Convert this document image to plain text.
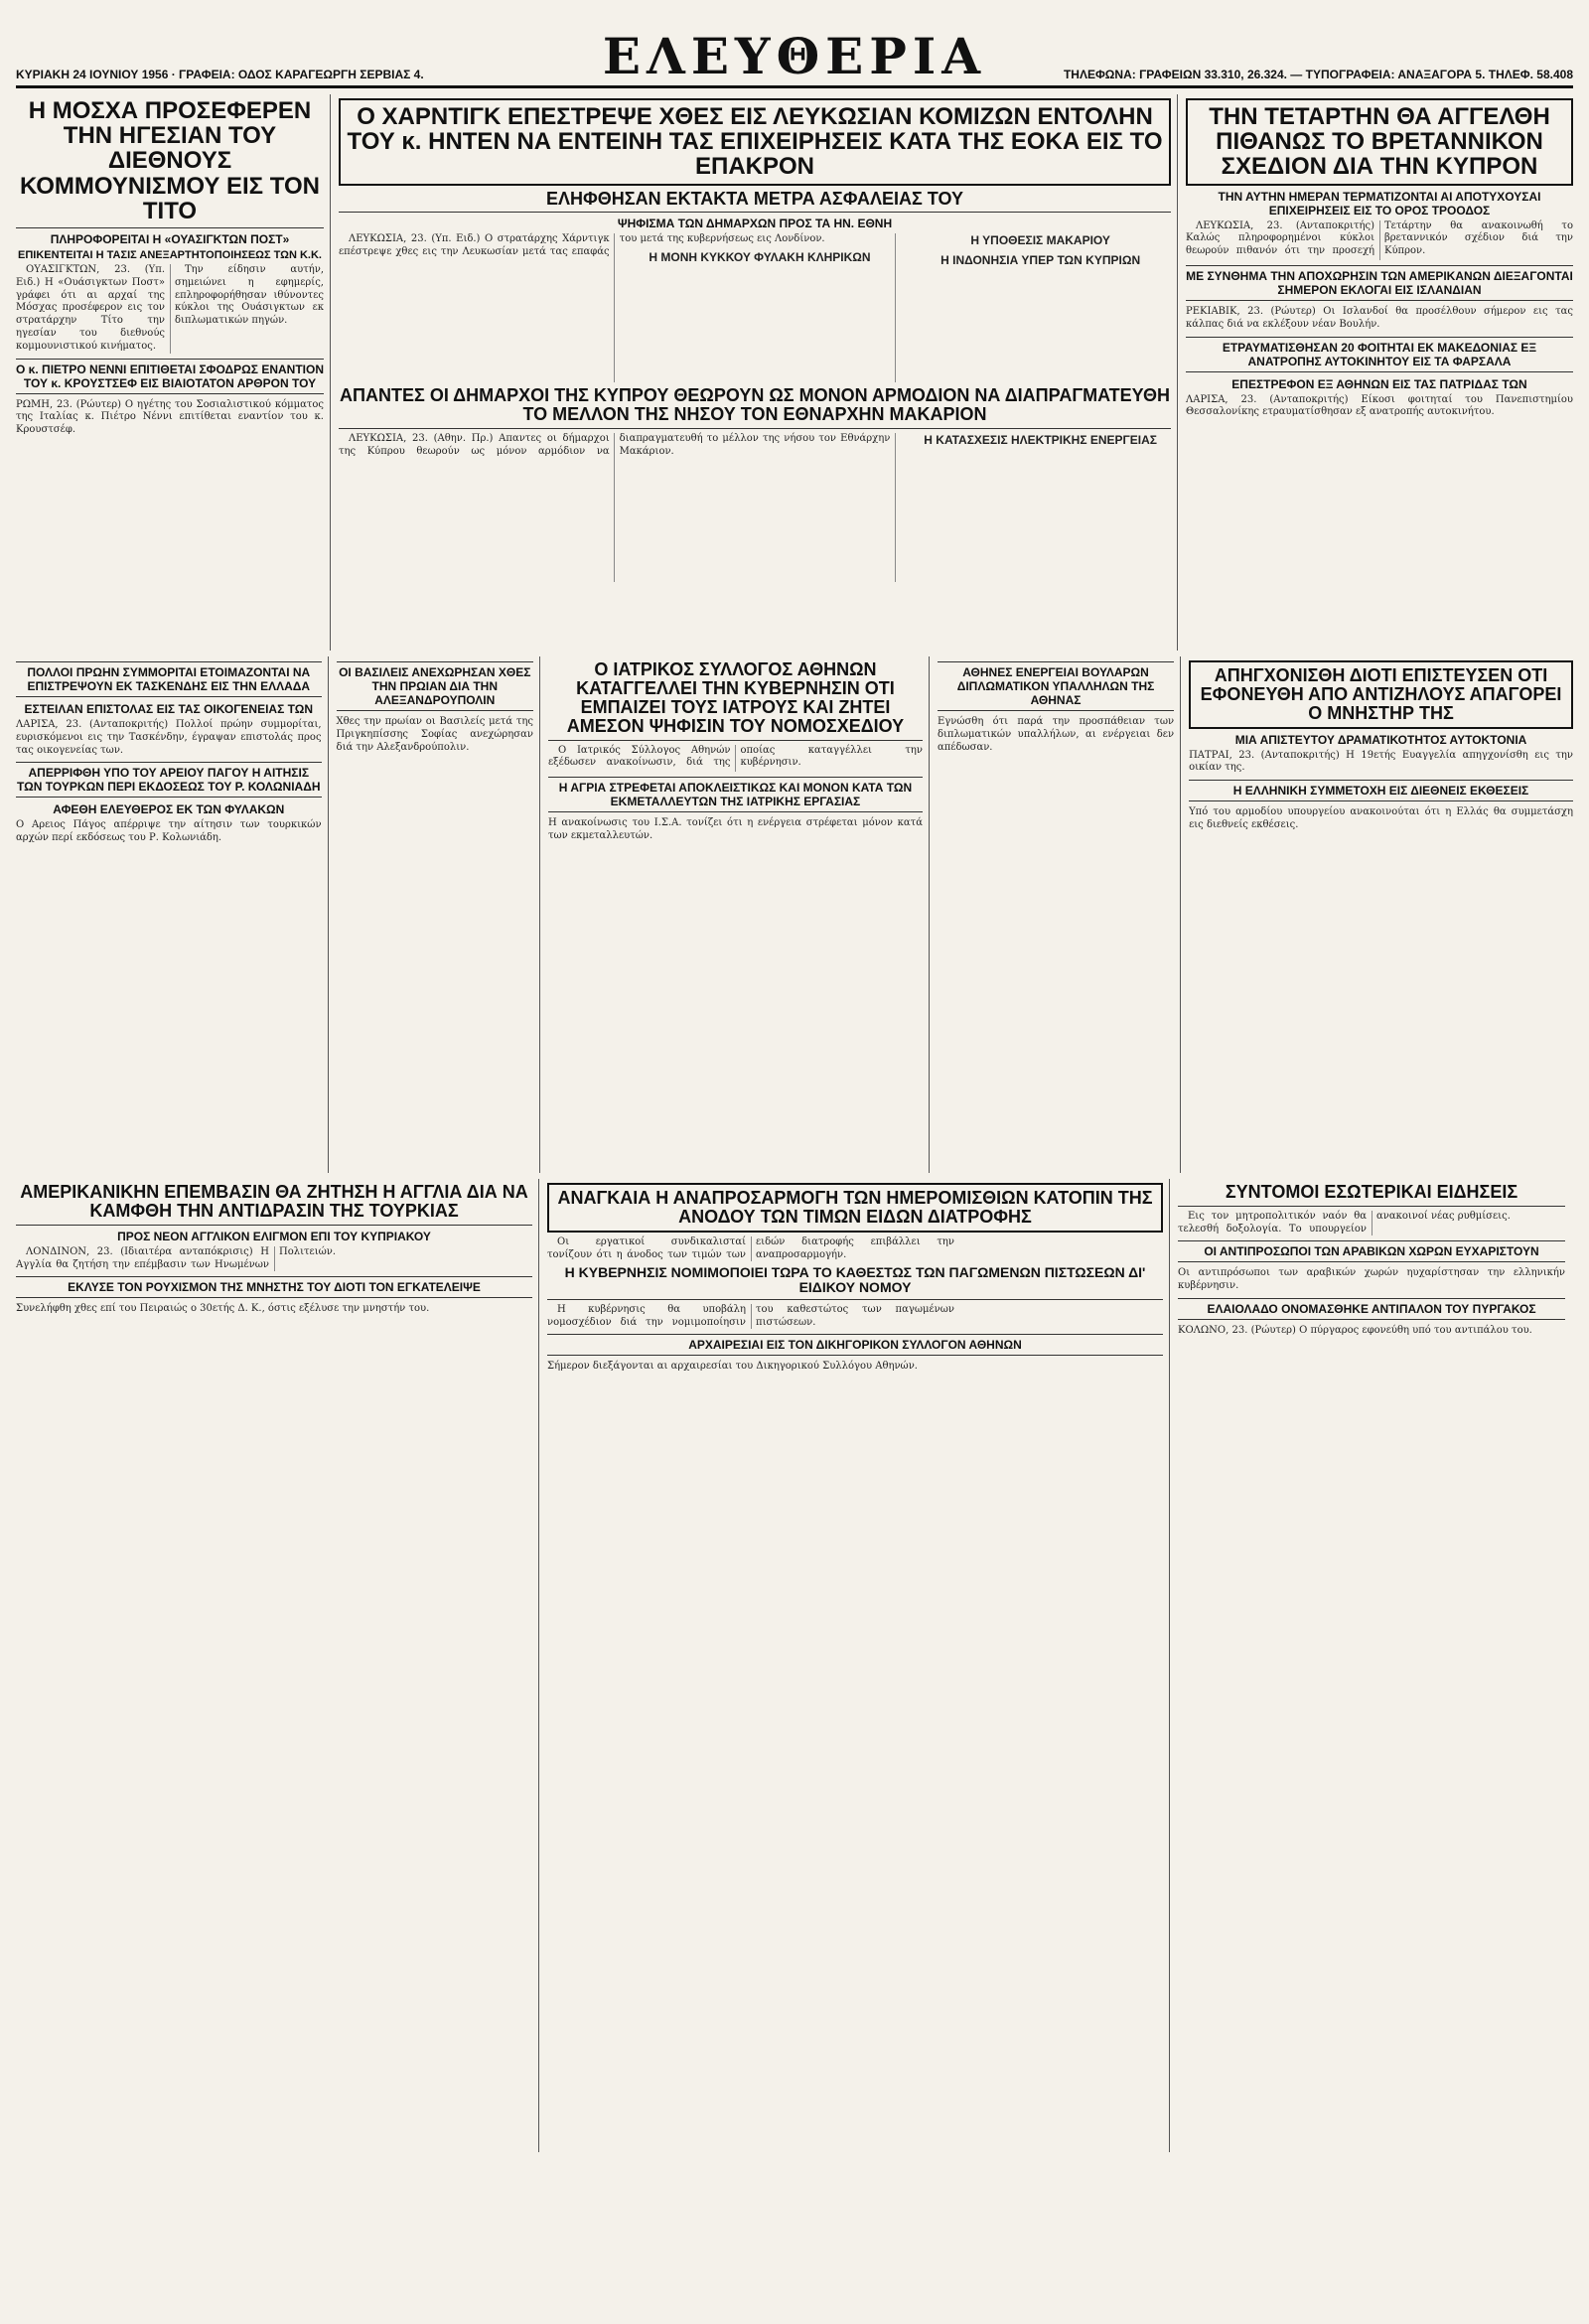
ΚΥΡΙΑΚΗ 24 ΙΟΥΝΙΟΥ 1956 · ΓΡΑΦΕΙΑ: ΟΔΟΣ ΚΑΡΑΓΕΩΡΓΗ ΣΕΡΒΙΑΣ 4.	ΕΛΕΥΘΕΡΙΑ	ΤΗΛΕΦΩΝΑ: ΓΡΑΦΕΙΩΝ 33.310, 26.324. — ΤΥΠΟΓΡΑΦΕΙΑ: ΑΝΑΞΑΓΟΡΑ 5. ΤΗΛΕΦ. 58.408
Η ΜΟΣΧΑ ΠΡΟΣΕΦΕΡΕΝ ΤΗΝ ΗΓΕΣΙΑΝ ΤΟΥ ΔΙΕΘΝΟΥΣ ΚΟΜΜΟΥΝΙΣΜΟΥ ΕΙΣ ΤΟΝ ΤΙΤΟ
ΠΛΗΡΟΦΟΡΕΙΤΑΙ Η «ΟΥΑΣΙΓΚΤΩΝ ΠΟΣΤ»
ΕΠΙΚΕΝΤΕΙΤΑΙ Η ΤΑΣΙΣ ΑΝΕΞΑΡΤΗΤΟΠΟΙΗΣΕΩΣ ΤΩΝ Κ.Κ.

ΟΥΑΣΙΓΚΤΩΝ, 23. (Υπ. Ειδ.) Η «Ουάσιγκτων Ποστ» γράφει ότι αι αρχαί της Μόσχας προσέφερον εις τον στρατάρχην Τίτο την ηγεσίαν του διεθνούς κομμουνιστικού κινήματος.

Την είδησιν αυτήν, σημειώνει η εφημερίς, επληροφορήθησαν ιθύνοντες κύκλοι της Ουάσιγκτων εκ διπλωματικών πηγών.

Ο κ. ΠΙΕΤΡΟ ΝΕΝΝΙ ΕΠΙΤΙΘΕΤΑΙ ΣΦΟΔΡΩΣ ΕΝΑΝΤΙΟΝ ΤΟΥ κ. ΚΡΟΥΣΤΣΕΦ ΕΙΣ ΒΙΑΙΟΤΑΤΟΝ ΑΡΘΡΟΝ ΤΟΥ
ΡΩΜΗ, 23. (Ρώυτερ) Ο ηγέτης του Σοσιαλιστικού κόμματος της Ιταλίας κ. Πιέτρο Νέννι επιτίθεται εναντίον του κ. Κρουστσέφ.
Ο ΧΑΡΝΤΙΓΚ ΕΠΕΣΤΡΕΨΕ ΧΘΕΣ ΕΙΣ ΛΕΥΚΩΣΙΑΝ ΚΟΜΙΖΩΝ ΕΝΤΟΛΗΝ ΤΟΥ κ. ΗΝΤΕΝ ΝΑ ΕΝΤΕΙΝΗ ΤΑΣ ΕΠΙΧΕΙΡΗΣΕΙΣ ΚΑΤΑ ΤΗΣ ΕΟΚΑ ΕΙΣ ΤΟ ΕΠΑΚΡΟΝ
ΕΛΗΦΘΗΣΑΝ ΕΚΤΑΚΤΑ ΜΕΤΡΑ ΑΣΦΑΛΕΙΑΣ ΤΟΥ
ΨΗΦΙΣΜΑ ΤΩΝ ΔΗΜΑΡΧΩΝ ΠΡΟΣ ΤΑ ΗΝ. ΕΘΝΗ

ΛΕΥΚΩΣΙΑ, 23. (Υπ. Ειδ.) Ο στρατάρχης Χάρντιγκ επέστρεψε χθες εις την Λευκωσίαν μετά τας επαφάς του μετά της κυβερνήσεως εις Λονδίνον.

Η ΜΟΝΗ ΚΥΚΚΟΥ ΦΥΛΑΚΗ ΚΛΗΡΙΚΩΝ

Η ΥΠΟΘΕΣΙΣ ΜΑΚΑΡΙΟΥ

Η ΙΝΔΟΝΗΣΙΑ ΥΠΕΡ ΤΩΝ ΚΥΠΡΙΩΝ

ΑΠΑΝΤΕΣ ΟΙ ΔΗΜΑΡΧΟΙ ΤΗΣ ΚΥΠΡΟΥ ΘΕΩΡΟΥΝ ΩΣ ΜΟΝΟΝ ΑΡΜΟΔΙΟΝ ΝΑ ΔΙΑΠΡΑΓΜΑΤΕΥΘΗ ΤΟ ΜΕΛΛΟΝ ΤΗΣ ΝΗΣΟΥ ΤΟΝ ΕΘΝΑΡΧΗΝ ΜΑΚΑΡΙΟΝ

ΛΕΥΚΩΣΙΑ, 23. (Αθην. Πρ.) Απαντες οι δήμαρχοι της Κύπρου θεωρούν ως μόνον αρμόδιον να διαπραγματευθή το μέλλον της νήσου τον Εθνάρχην Μακάριον.

Η ΚΑΤΑΣΧΕΣΙΣ ΗΛΕΚΤΡΙΚΗΣ ΕΝΕΡΓΕΙΑΣ

ΤΗΝ ΤΕΤΑΡΤΗΝ ΘΑ ΑΓΓΕΛΘΗ ΠΙΘΑΝΩΣ ΤΟ ΒΡΕΤΑΝΝΙΚΟΝ ΣΧΕΔΙΟΝ ΔΙΑ ΤΗΝ ΚΥΠΡΟΝ
ΤΗΝ ΑΥΤΗΝ ΗΜΕΡΑΝ ΤΕΡΜΑΤΙΖΟΝΤΑΙ ΑΙ ΑΠΟΤΥΧΟΥΣΑΙ ΕΠΙΧΕΙΡΗΣΕΙΣ ΕΙΣ ΤΟ ΟΡΟΣ ΤΡΟΟΔΟΣ

ΛΕΥΚΩΣΙΑ, 23. (Ανταποκριτής) Καλώς πληροφορημένοι κύκλοι θεωρούν πιθανόν ότι την προσεχή Τετάρτην θα ανακοινωθή το βρεταννικόν σχέδιον διά την Κύπρον.

ΜΕ ΣΥΝΘΗΜΑ ΤΗΝ ΑΠΟΧΩΡΗΣΙΝ ΤΩΝ ΑΜΕΡΙΚΑΝΩΝ ΔΙΕΞΑΓΟΝΤΑΙ ΣΗΜΕΡΟΝ ΕΚΛΟΓΑΙ ΕΙΣ ΙΣΛΑΝΔΙΑΝ
ΡΕΚΙΑΒΙΚ, 23. (Ρώυτερ) Οι Ισλανδοί θα προσέλθουν σήμερον εις τας κάλπας διά να εκλέξουν νέαν Βουλήν.
ΕΤΡΑΥΜΑΤΙΣΘΗΣΑΝ 20 ΦΟΙΤΗΤΑΙ ΕΚ ΜΑΚΕΔΟΝΙΑΣ ΕΞ ΑΝΑΤΡΟΠΗΣ ΑΥΤΟΚΙΝΗΤΟΥ ΕΙΣ ΤΑ ΦΑΡΣΑΛΑ
ΕΠΕΣΤΡΕΦΟΝ ΕΞ ΑΘΗΝΩΝ ΕΙΣ ΤΑΣ ΠΑΤΡΙΔΑΣ ΤΩΝ
ΛΑΡΙΣΑ, 23. (Ανταποκριτής) Είκοσι φοιτηταί του Πανεπιστημίου Θεσσαλονίκης ετραυματίσθησαν εξ ανατροπής αυτοκινήτου.
ΠΟΛΛΟΙ ΠΡΩΗΝ ΣΥΜΜΟΡΙΤΑΙ ΕΤΟΙΜΑΖΟΝΤΑΙ ΝΑ ΕΠΙΣΤΡΕΨΟΥΝ ΕΚ ΤΑΣΚΕΝΔΗΣ ΕΙΣ ΤΗΝ ΕΛΛΑΔΑ
ΕΣΤΕΙΛΑΝ ΕΠΙΣΤΟΛΑΣ ΕΙΣ ΤΑΣ ΟΙΚΟΓΕΝΕΙΑΣ ΤΩΝ
ΛΑΡΙΣΑ, 23. (Ανταποκριτής) Πολλοί πρώην συμμορίται, ευρισκόμενοι εις την Τασκένδην, έγραψαν επιστολάς προς τας οικογενείας των.
ΑΠΕΡΡΙΦΘΗ ΥΠΟ ΤΟΥ ΑΡΕΙΟΥ ΠΑΓΟΥ Η ΑΙΤΗΣΙΣ ΤΩΝ ΤΟΥΡΚΩΝ ΠΕΡΙ ΕΚΔΟΣΕΩΣ ΤΟΥ Ρ. ΚΟΛΩΝΙΑΔΗ
ΑΦΕΘΗ ΕΛΕΥΘΕΡΟΣ ΕΚ ΤΩΝ ΦΥΛΑΚΩΝ
Ο Αρειος Πάγος απέρριψε την αίτησιν των τουρκικών αρχών περί εκδόσεως του Ρ. Κολωνιάδη.
ΟΙ ΒΑΣΙΛΕΙΣ ΑΝΕΧΩΡΗΣΑΝ ΧΘΕΣ ΤΗΝ ΠΡΩΙΑΝ ΔΙΑ ΤΗΝ ΑΛΕΞΑΝΔΡΟΥΠΟΛΙΝ
Χθες την πρωίαν οι Βασιλείς μετά της Πριγκηπίσσης Σοφίας ανεχώρησαν διά την Αλεξανδρούπολιν.
Ο ΙΑΤΡΙΚΟΣ ΣΥΛΛΟΓΟΣ ΑΘΗΝΩΝ ΚΑΤΑΓΓΕΛΛΕΙ ΤΗΝ ΚΥΒΕΡΝΗΣΙΝ ΟΤΙ ΕΜΠΑΙΖΕΙ ΤΟΥΣ ΙΑΤΡΟΥΣ ΚΑΙ ΖΗΤΕΙ ΑΜΕΣΟΝ ΨΗΦΙΣΙΝ ΤΟΥ ΝΟΜΟΣΧΕΔΙΟΥ

Ο Ιατρικός Σύλλογος Αθηνών εξέδωσεν ανακοίνωσιν, διά της οποίας καταγγέλλει την κυβέρνησιν.

Η ΑΓΡΙΑ ΣΤΡΕΦΕΤΑΙ ΑΠΟΚΛΕΙΣΤΙΚΩΣ ΚΑΙ ΜΟΝΟΝ ΚΑΤΑ ΤΩΝ ΕΚΜΕΤΑΛΛΕΥΤΩΝ ΤΗΣ ΙΑΤΡΙΚΗΣ ΕΡΓΑΣΙΑΣ
Η ανακοίνωσις του Ι.Σ.Α. τονίζει ότι η ενέργεια στρέφεται μόνον κατά των εκμεταλλευτών.
ΑΘΗΝΕΣ ΕΝΕΡΓΕΙΑΙ ΒΟΥΛΑΡΩΝ ΔΙΠΛΩΜΑΤΙΚΟΝ ΥΠΑΛΛΗΛΩΝ ΤΗΣ ΑΘΗΝΑΣ
Εγνώσθη ότι παρά την προσπάθειαν των διπλωματικών υπαλλήλων, αι ενέργειαι δεν απέδωσαν.
ΑΠΗΓΧΟΝΙΣΘΗ ΔΙΟΤΙ ΕΠΙΣΤΕΥΣΕΝ ΟΤΙ ΕΦΟΝΕΥΘΗ ΑΠΟ ΑΝΤΙΖΗΛΟΥΣ ΑΠΑΓΟΡΕΙ Ο ΜΝΗΣΤΗΡ ΤΗΣ
ΜΙΑ ΑΠΙΣΤΕΥΤΟΥ ΔΡΑΜΑΤΙΚΟΤΗΤΟΣ ΑΥΤΟΚΤΟΝΙΑ
ΠΑΤΡΑΙ, 23. (Ανταποκριτής) Η 19ετής Ευαγγελία απηγχονίσθη εις την οικίαν της.
Η ΕΛΛΗΝΙΚΗ ΣΥΜΜΕΤΟΧΗ ΕΙΣ ΔΙΕΘΝΕΙΣ ΕΚΘΕΣΕΙΣ
Υπό του αρμοδίου υπουργείου ανακοινούται ότι η Ελλάς θα συμμετάσχη εις διεθνείς εκθέσεις.
ΑΜΕΡΙΚΑΝΙΚΗΝ ΕΠΕΜΒΑΣΙΝ ΘΑ ΖΗΤΗΣΗ Η ΑΓΓΛΙΑ ΔΙΑ ΝΑ ΚΑΜΦΘΗ ΤΗΝ ΑΝΤΙΔΡΑΣΙΝ ΤΗΣ ΤΟΥΡΚΙΑΣ
ΠΡΟΣ ΝΕΟΝ ΑΓΓΛΙΚΟΝ ΕΛΙΓΜΟΝ ΕΠΙ ΤΟΥ ΚΥΠΡΙΑΚΟΥ

ΛΟΝΔΙΝΟΝ, 23. (Ιδιαιτέρα ανταπόκρισις) Η Αγγλία θα ζητήση την επέμβασιν των Ηνωμένων Πολιτειών.

ΕΚΛΥΣΕ ΤΟΝ ΡΟΥΧΙΣΜΟΝ ΤΗΣ ΜΝΗΣΤΗΣ ΤΟΥ ΔΙΟΤΙ ΤΟΝ ΕΓΚΑΤΕΛΕΙΨΕ
Συνελήφθη χθες επί του Πειραιώς ο 30ετής Δ. Κ., όστις εξέλυσε την μνηστήν του.
ΑΝΑΓΚΑΙΑ Η ΑΝΑΠΡΟΣΑΡΜΟΓΗ ΤΩΝ ΗΜΕΡΟΜΙΣΘΙΩΝ ΚΑΤΟΠΙΝ ΤΗΣ ΑΝΟΔΟΥ ΤΩΝ ΤΙΜΩΝ ΕΙΔΩΝ ΔΙΑΤΡΟΦΗΣ

Οι εργατικοί συνδικαλισταί τονίζουν ότι η άνοδος των τιμών των ειδών διατροφής επιβάλλει την αναπροσαρμογήν.

Η ΚΥΒΕΡΝΗΣΙΣ ΝΟΜΙΜΟΠΟΙΕΙ ΤΩΡΑ ΤΟ ΚΑΘΕΣΤΩΣ ΤΩΝ ΠΑΓΩΜΕΝΩΝ ΠΙΣΤΩΣΕΩΝ ΔΙ' ΕΙΔΙΚΟΥ ΝΟΜΟΥ

Η κυβέρνησις θα υποβάλη νομοσχέδιον διά την νομιμοποίησιν του καθεστώτος των παγωμένων πιστώσεων.

ΑΡΧΑΙΡΕΣΙΑΙ ΕΙΣ ΤΟΝ ΔΙΚΗΓΟΡΙΚΟΝ ΣΥΛΛΟΓΟΝ ΑΘΗΝΩΝ
Σήμερον διεξάγονται αι αρχαιρεσίαι του Δικηγορικού Συλλόγου Αθηνών.
ΣΥΝΤΟΜΟΙ ΕΣΩΤΕΡΙΚΑΙ ΕΙΔΗΣΕΙΣ

Εις τον μητροπολιτικόν ναόν θα τελεσθή δοξολογία. Το υπουργείον ανακοινοί νέας ρυθμίσεις.

ΟΙ ΑΝΤΙΠΡΟΣΩΠΟΙ ΤΩΝ ΑΡΑΒΙΚΩΝ ΧΩΡΩΝ ΕΥΧΑΡΙΣΤΟΥΝ
Οι αντιπρόσωποι των αραβικών χωρών ηυχαρίστησαν την ελληνικήν κυβέρνησιν.
ΕΛΑΙΟΛΑΔΟ ΟΝΟΜΑΣΘΗΚΕ ΑΝΤΙΠΑΛΟΝ ΤΟΥ ΠΥΡΓΑΚΟΣ
ΚΟΛΩΝΟ, 23. (Ρώυτερ) Ο πύργαρος εφονεύθη υπό του αντιπάλου του.
